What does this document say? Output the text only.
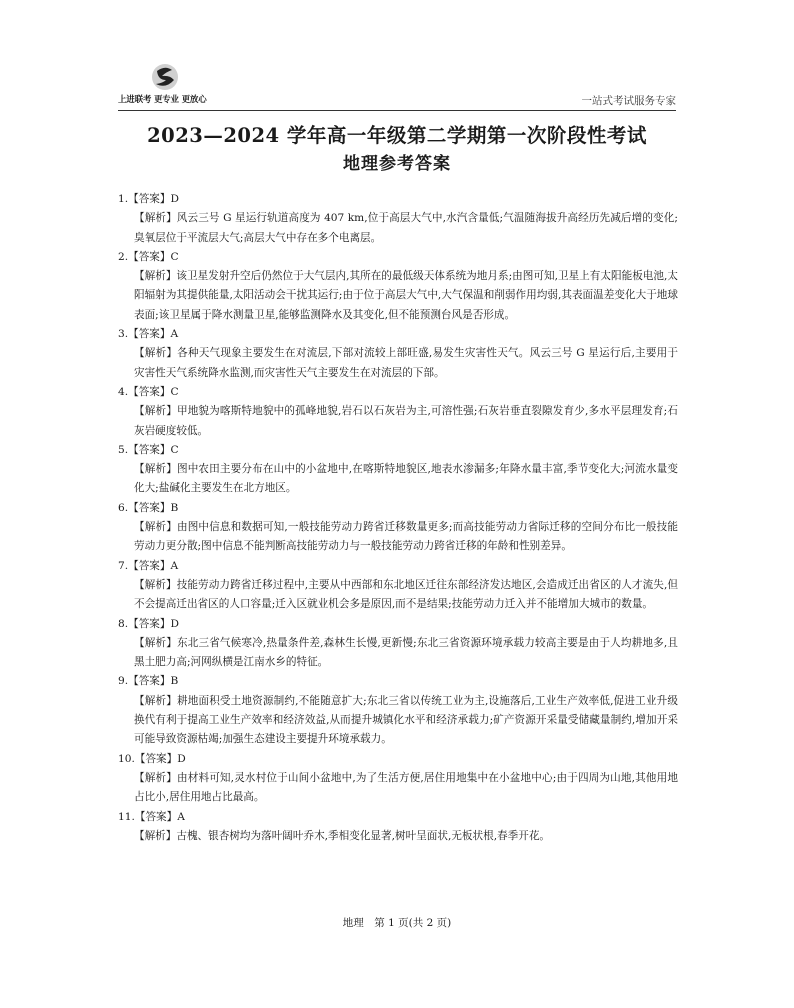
上进联考 更专业 更放心	一站式考试服务专家
2023—2024 学年高一年级第二学期第一次阶段性考试
地理参考答案
1.【答案】D
【解析】风云三号 G 星运行轨道高度为 407 km,位于高层大气中,水汽含量低;气温随海拔升高经历先减后增的变化;臭氧层位于平流层大气;高层大气中存在多个电离层。
2.【答案】C
【解析】该卫星发射升空后仍然位于大气层内,其所在的最低级天体系统为地月系;由图可知,卫星上有太阳能板电池,太阳辐射为其提供能量,太阳活动会干扰其运行;由于位于高层大气中,大气保温和削弱作用均弱,其表面温差变化大于地球表面;该卫星属于降水测量卫星,能够监测降水及其变化,但不能预测台风是否形成。
3.【答案】A
【解析】各种天气现象主要发生在对流层,下部对流较上部旺盛,易发生灾害性天气。风云三号 G 星运行后,主要用于灾害性天气系统降水监测,而灾害性天气主要发生在对流层的下部。
4.【答案】C
【解析】甲地貌为喀斯特地貌中的孤峰地貌,岩石以石灰岩为主,可溶性强;石灰岩垂直裂隙发育少,多水平层理发育;石灰岩硬度较低。
5.【答案】C
【解析】图中农田主要分布在山中的小盆地中,在喀斯特地貌区,地表水渗漏多;年降水量丰富,季节变化大;河流水量变化大;盐碱化主要发生在北方地区。
6.【答案】B
【解析】由图中信息和数据可知,一般技能劳动力跨省迁移数量更多;而高技能劳动力省际迁移的空间分布比一般技能劳动力更分散;图中信息不能判断高技能劳动力与一般技能劳动力跨省迁移的年龄和性别差异。
7.【答案】A
【解析】技能劳动力跨省迁移过程中,主要从中西部和东北地区迁往东部经济发达地区,会造成迁出省区的人才流失,但不会提高迁出省区的人口容量;迁入区就业机会多是原因,而不是结果;技能劳动力迁入并不能增加大城市的数量。
8.【答案】D
【解析】东北三省气候寒冷,热量条件差,森林生长慢,更新慢;东北三省资源环境承载力较高主要是由于人均耕地多,且黑土肥力高;河网纵横是江南水乡的特征。
9.【答案】B
【解析】耕地面积受土地资源制约,不能随意扩大;东北三省以传统工业为主,设施落后,工业生产效率低,促进工业升级换代有利于提高工业生产效率和经济效益,从而提升城镇化水平和经济承载力;矿产资源开采量受储藏量制约,增加开采可能导致资源枯竭;加强生态建设主要提升环境承载力。
10.【答案】D
【解析】由材料可知,灵水村位于山间小盆地中,为了生活方便,居住用地集中在小盆地中心;由于四周为山地,其他用地占比小,居住用地占比最高。
11.【答案】A
【解析】古槐、银杏树均为落叶阔叶乔木,季相变化显著,树叶呈面状,无板状根,春季开花。
地理　第 1 页(共 2 页)
